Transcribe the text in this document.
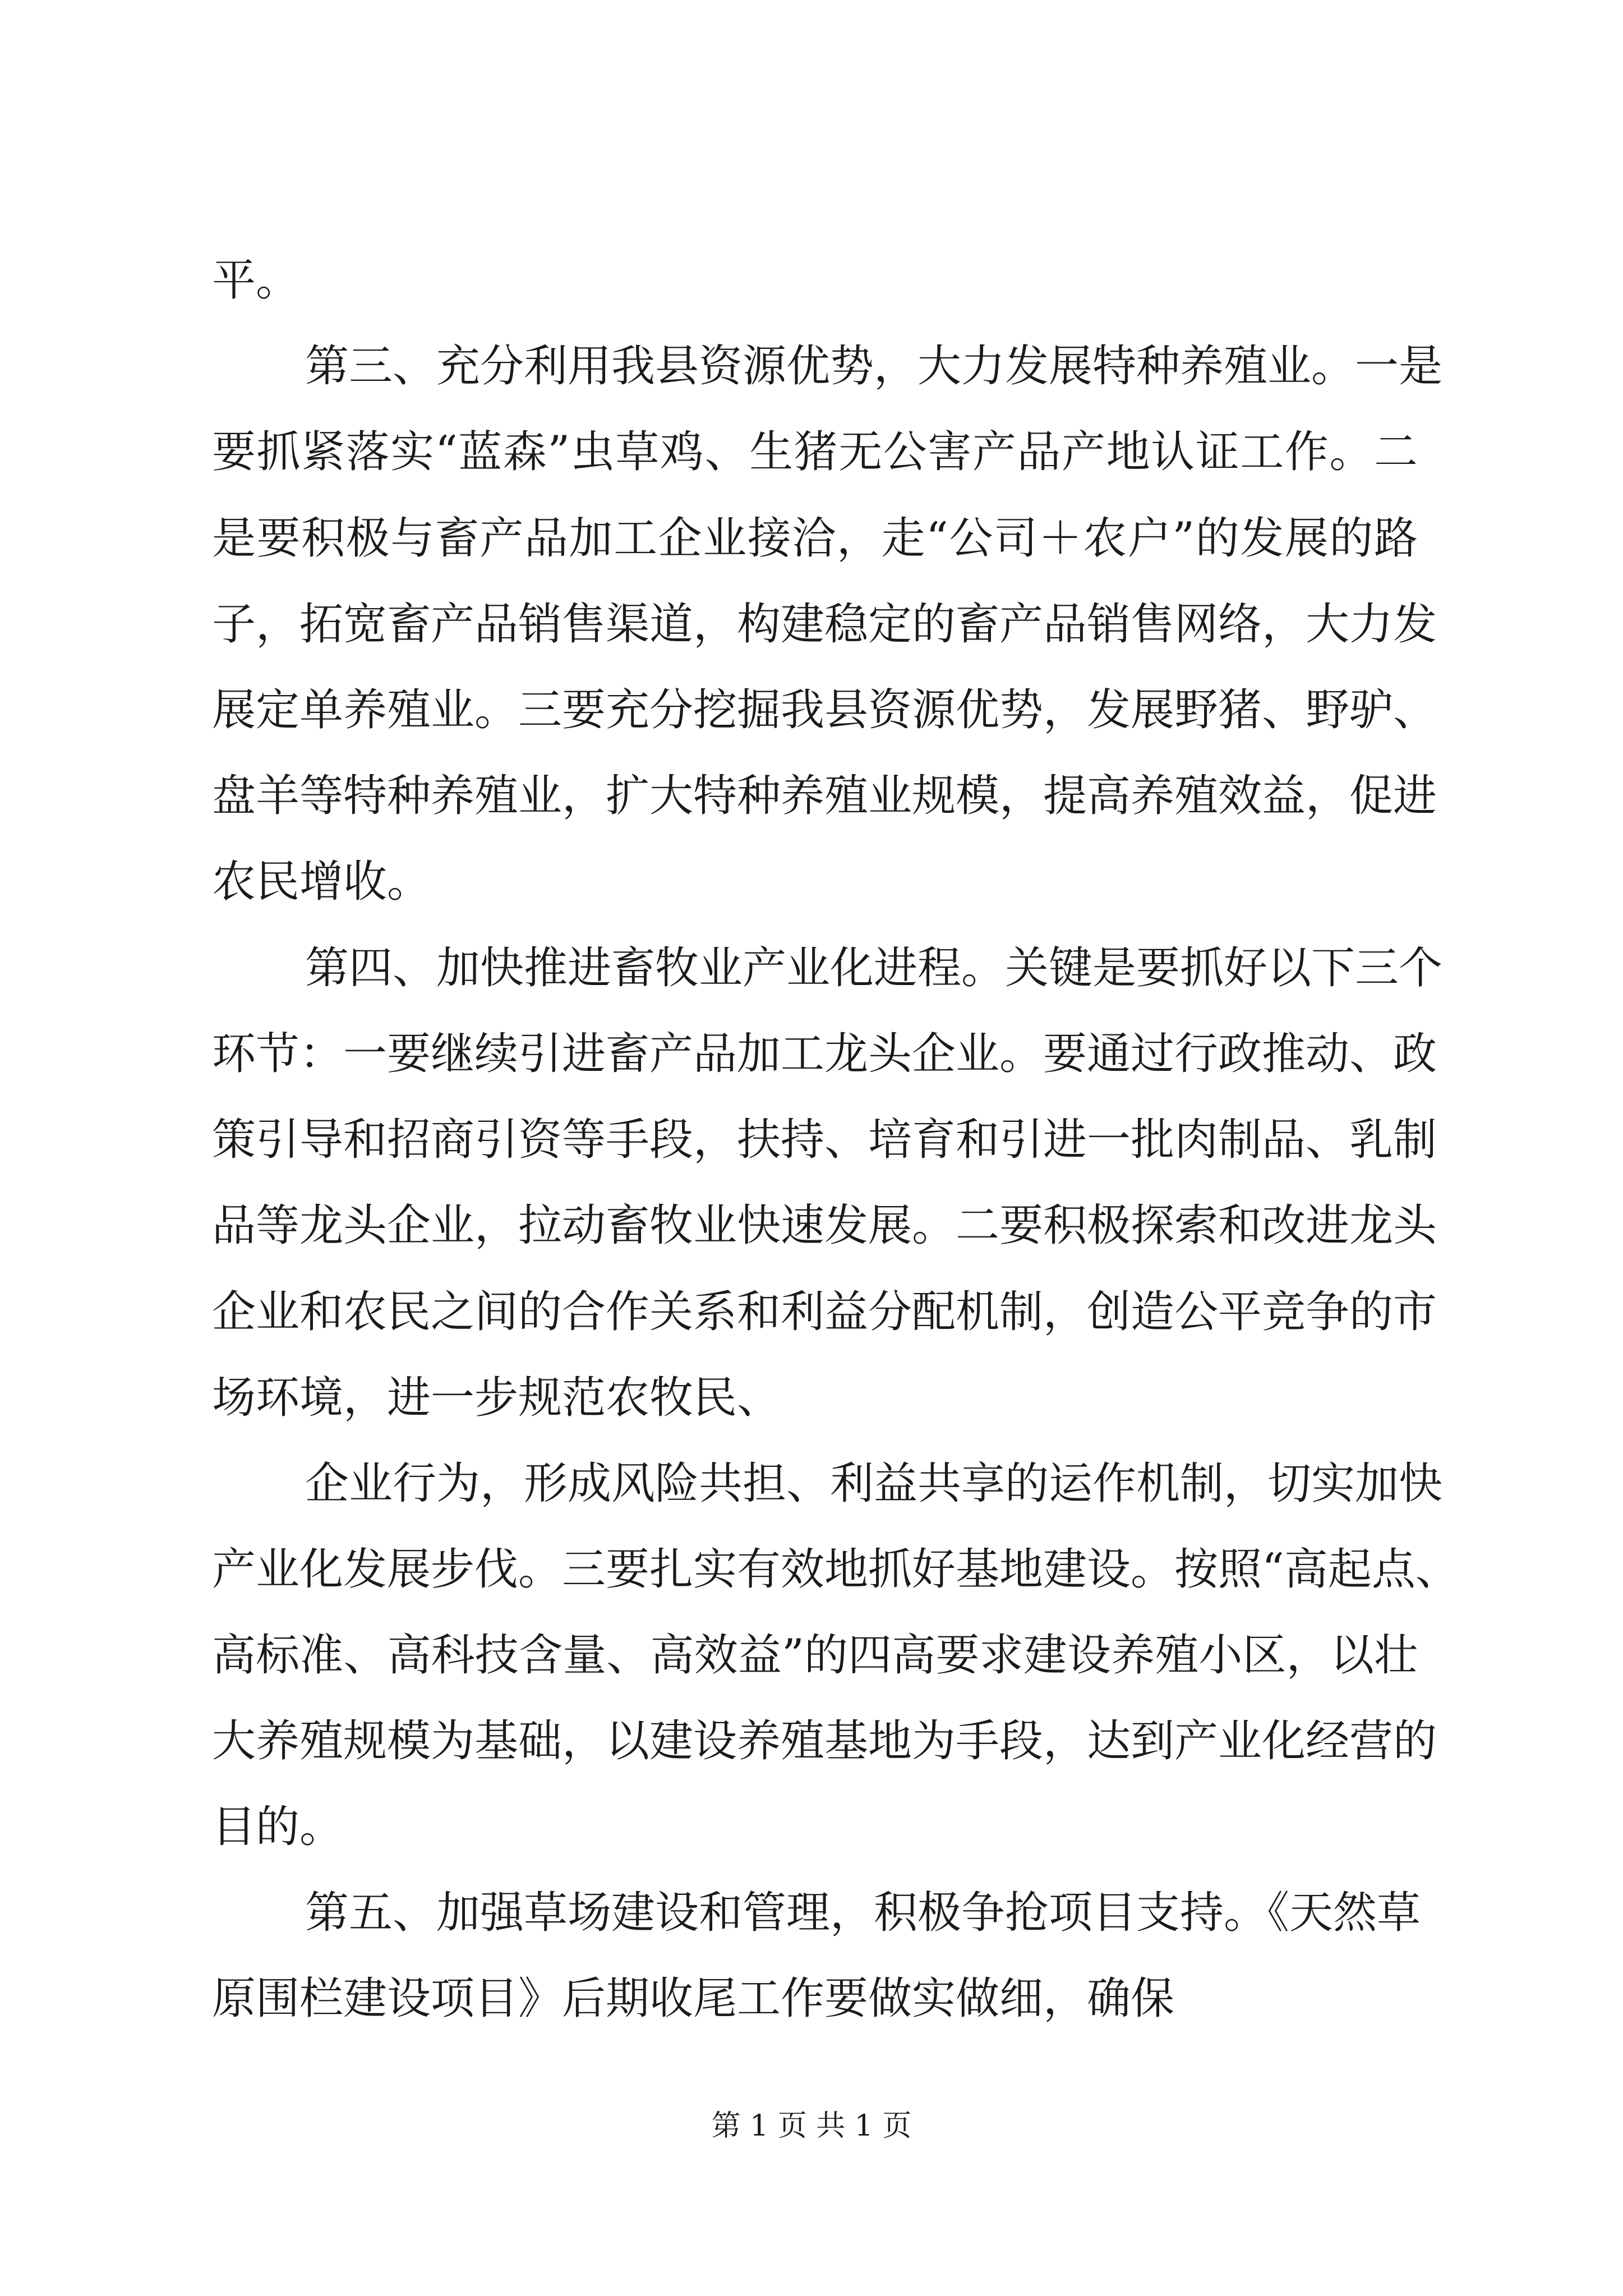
平。
第三、充分利用我县资源优势，大力发展特种养殖业。一是
要抓紧落实“蓝森”虫草鸡、生猪无公害产品产地认证工作。二
是要积极与畜产品加工企业接洽，走“公司＋农户”的发展的路
子，拓宽畜产品销售渠道，构建稳定的畜产品销售网络，大力发
展定单养殖业。三要充分挖掘我县资源优势，发展野猪、野驴、
盘羊等特种养殖业，扩大特种养殖业规模，提高养殖效益，促进
农民增收。
第四、加快推进畜牧业产业化进程。关键是要抓好以下三个
环节：一要继续引进畜产品加工龙头企业。要通过行政推动、政
策引导和招商引资等手段，扶持、培育和引进一批肉制品、乳制
品等龙头企业，拉动畜牧业快速发展。二要积极探索和改进龙头
企业和农民之间的合作关系和利益分配机制，创造公平竞争的市
场环境，进一步规范农牧民、
企业行为，形成风险共担、利益共享的运作机制，切实加快
产业化发展步伐。三要扎实有效地抓好基地建设。按照“高起点、
高标准、高科技含量、高效益”的四高要求建设养殖小区，以壮
大养殖规模为基础，以建设养殖基地为手段，达到产业化经营的
目的。
第五、加强草场建设和管理，积极争抢项目支持。《天然草
原围栏建设项目》后期收尾工作要做实做细，确保
第 1 页 共 1 页
